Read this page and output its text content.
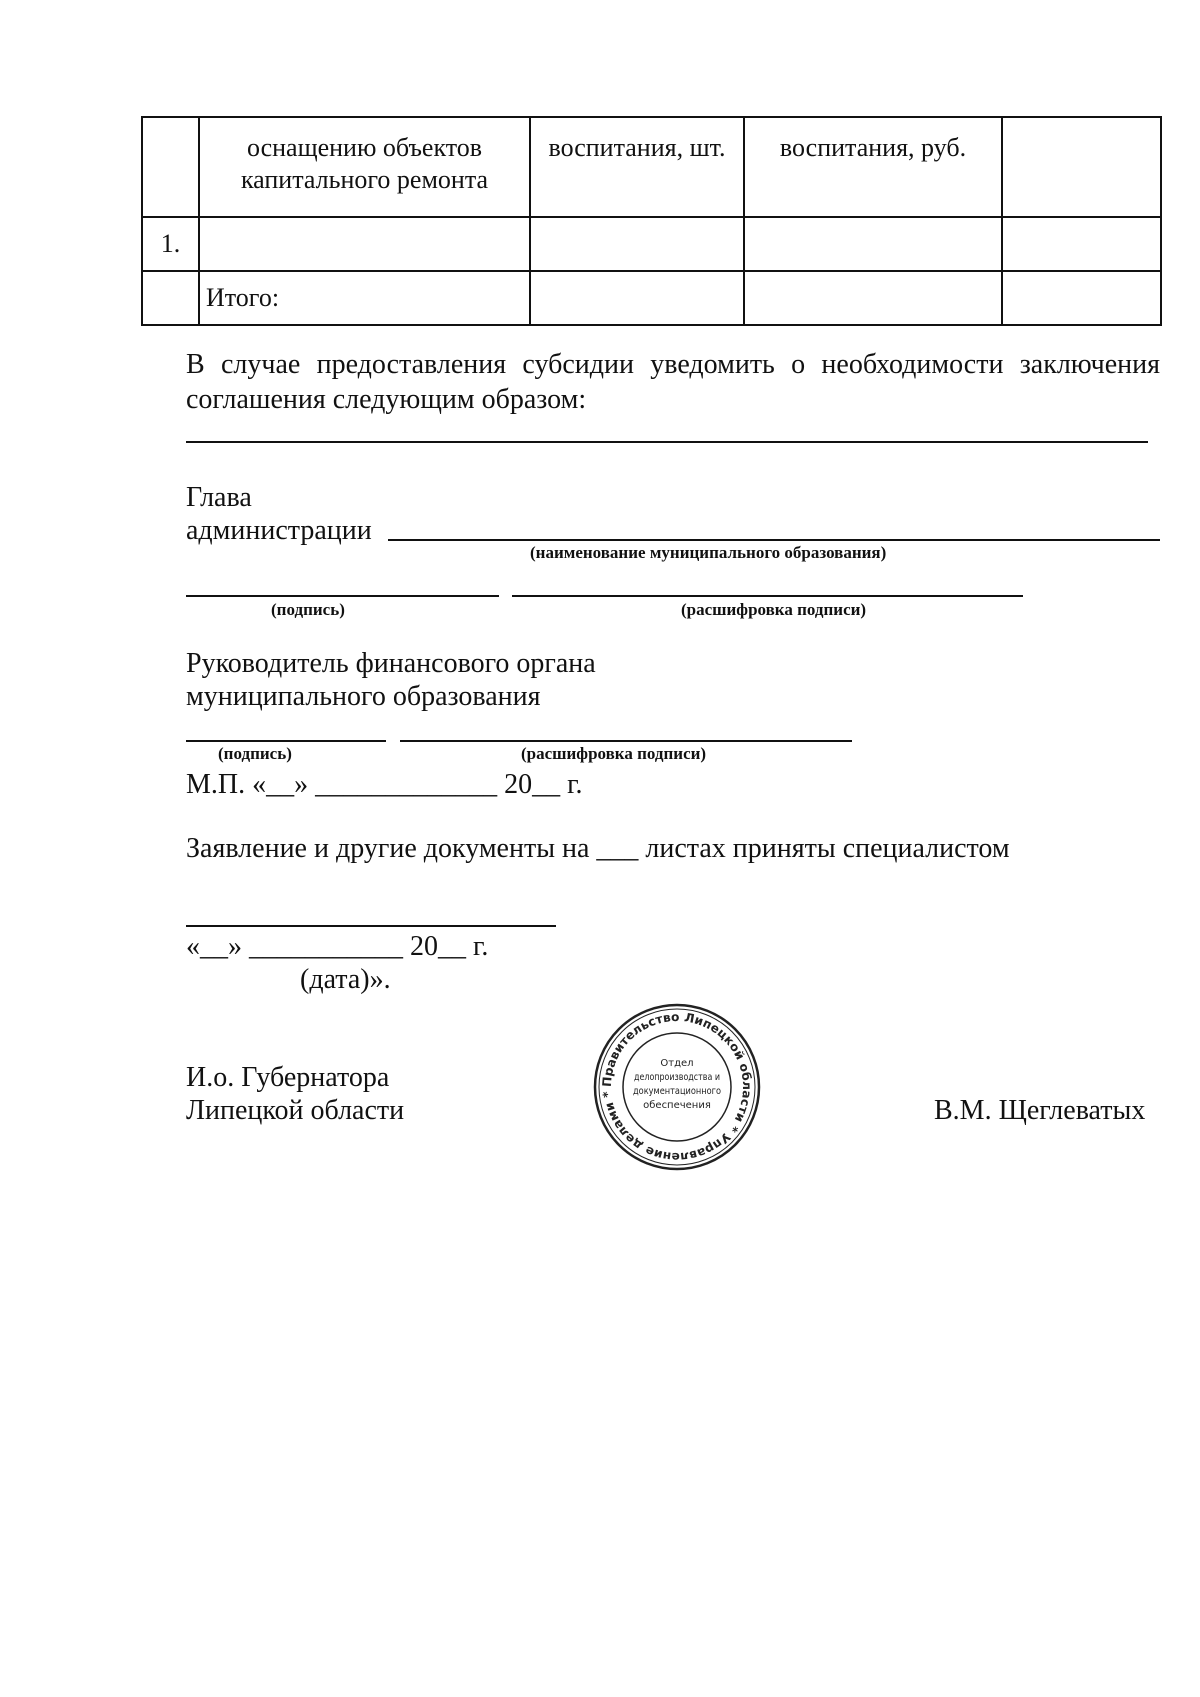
	оснащению объектов капитального ремонта	воспитания, шт.	воспитания, руб.	
1.				
	Итого:			
В случае предоставления субсидии уведомить о необходимости заключения
соглашения следующим образом:
Глава
администрации
(наименование муниципального образования)
(подпись)	(расшифровка подписи)
Руководитель финансового органа
муниципального образования
(подпись)	(расшифровка подписи)
М.П. «__» _____________ 20__ г.
Заявление и другие документы на ___ листах приняты специалистом
«__» ___________ 20__ г.
(дата)».
И.о. Губернатора
Липецкой области	В.М. Щеглеватых
Правительство Липецкой области * Управление делами *
Отдел
делопроизводства и
документационного
обеспечения
